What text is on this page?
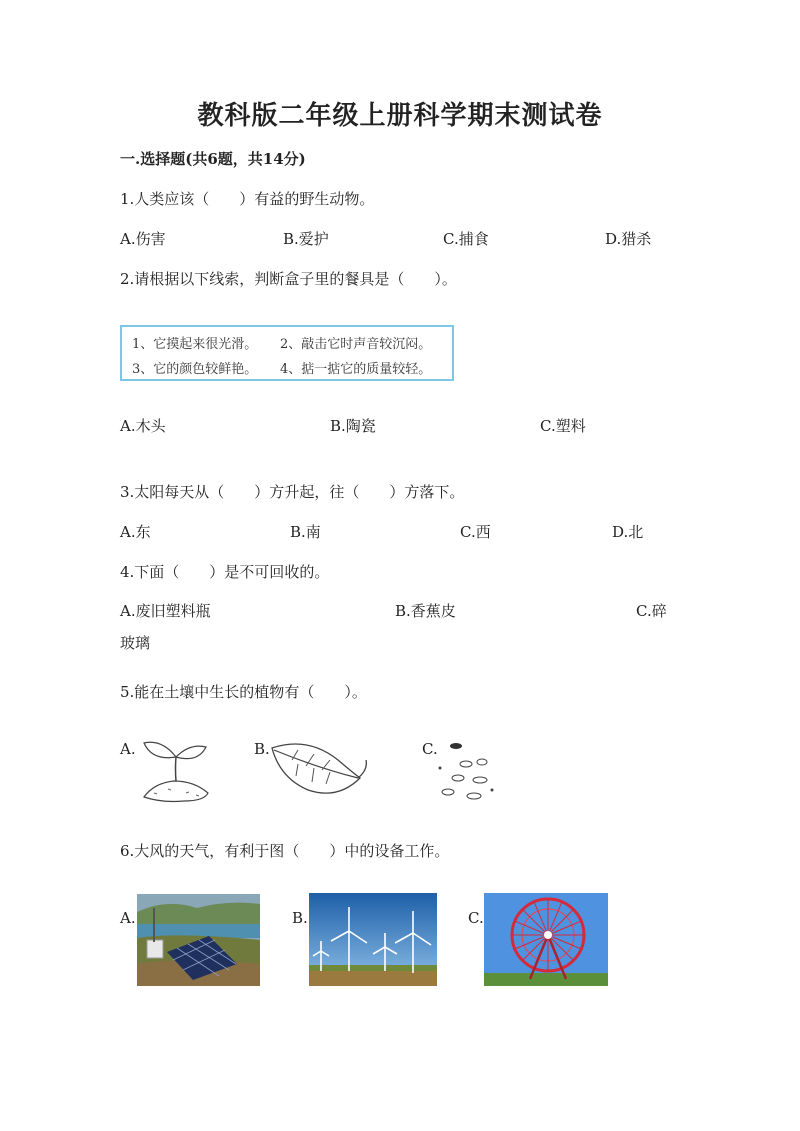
教科版二年级上册科学期末测试卷
一.选择题(共6题，共14分)
1.人类应该（　　）有益的野生动物。
A.伤害	B.爱护	C.捕食	D.猎杀
2.请根据以下线索，判断盒子里的餐具是（　　）。
1、它摸起来很光滑。 2、敲击它时声音较沉闷。
3、它的颜色较鲜艳。 4、掂一掂它的质量较轻。
A.木头	B.陶瓷	C.塑料
3.太阳每天从（　　）方升起，往（　　）方落下。
A.东	B.南	C.西	D.北
4.下面（　　）是不可回收的。
A.废旧塑料瓶	B.香蕉皮	C.碎
玻璃
5.能在土壤中生长的植物有（　　）。
A.	B.	C.
6.大风的天气，有利于图（　　）中的设备工作。
A.	B.	C.
